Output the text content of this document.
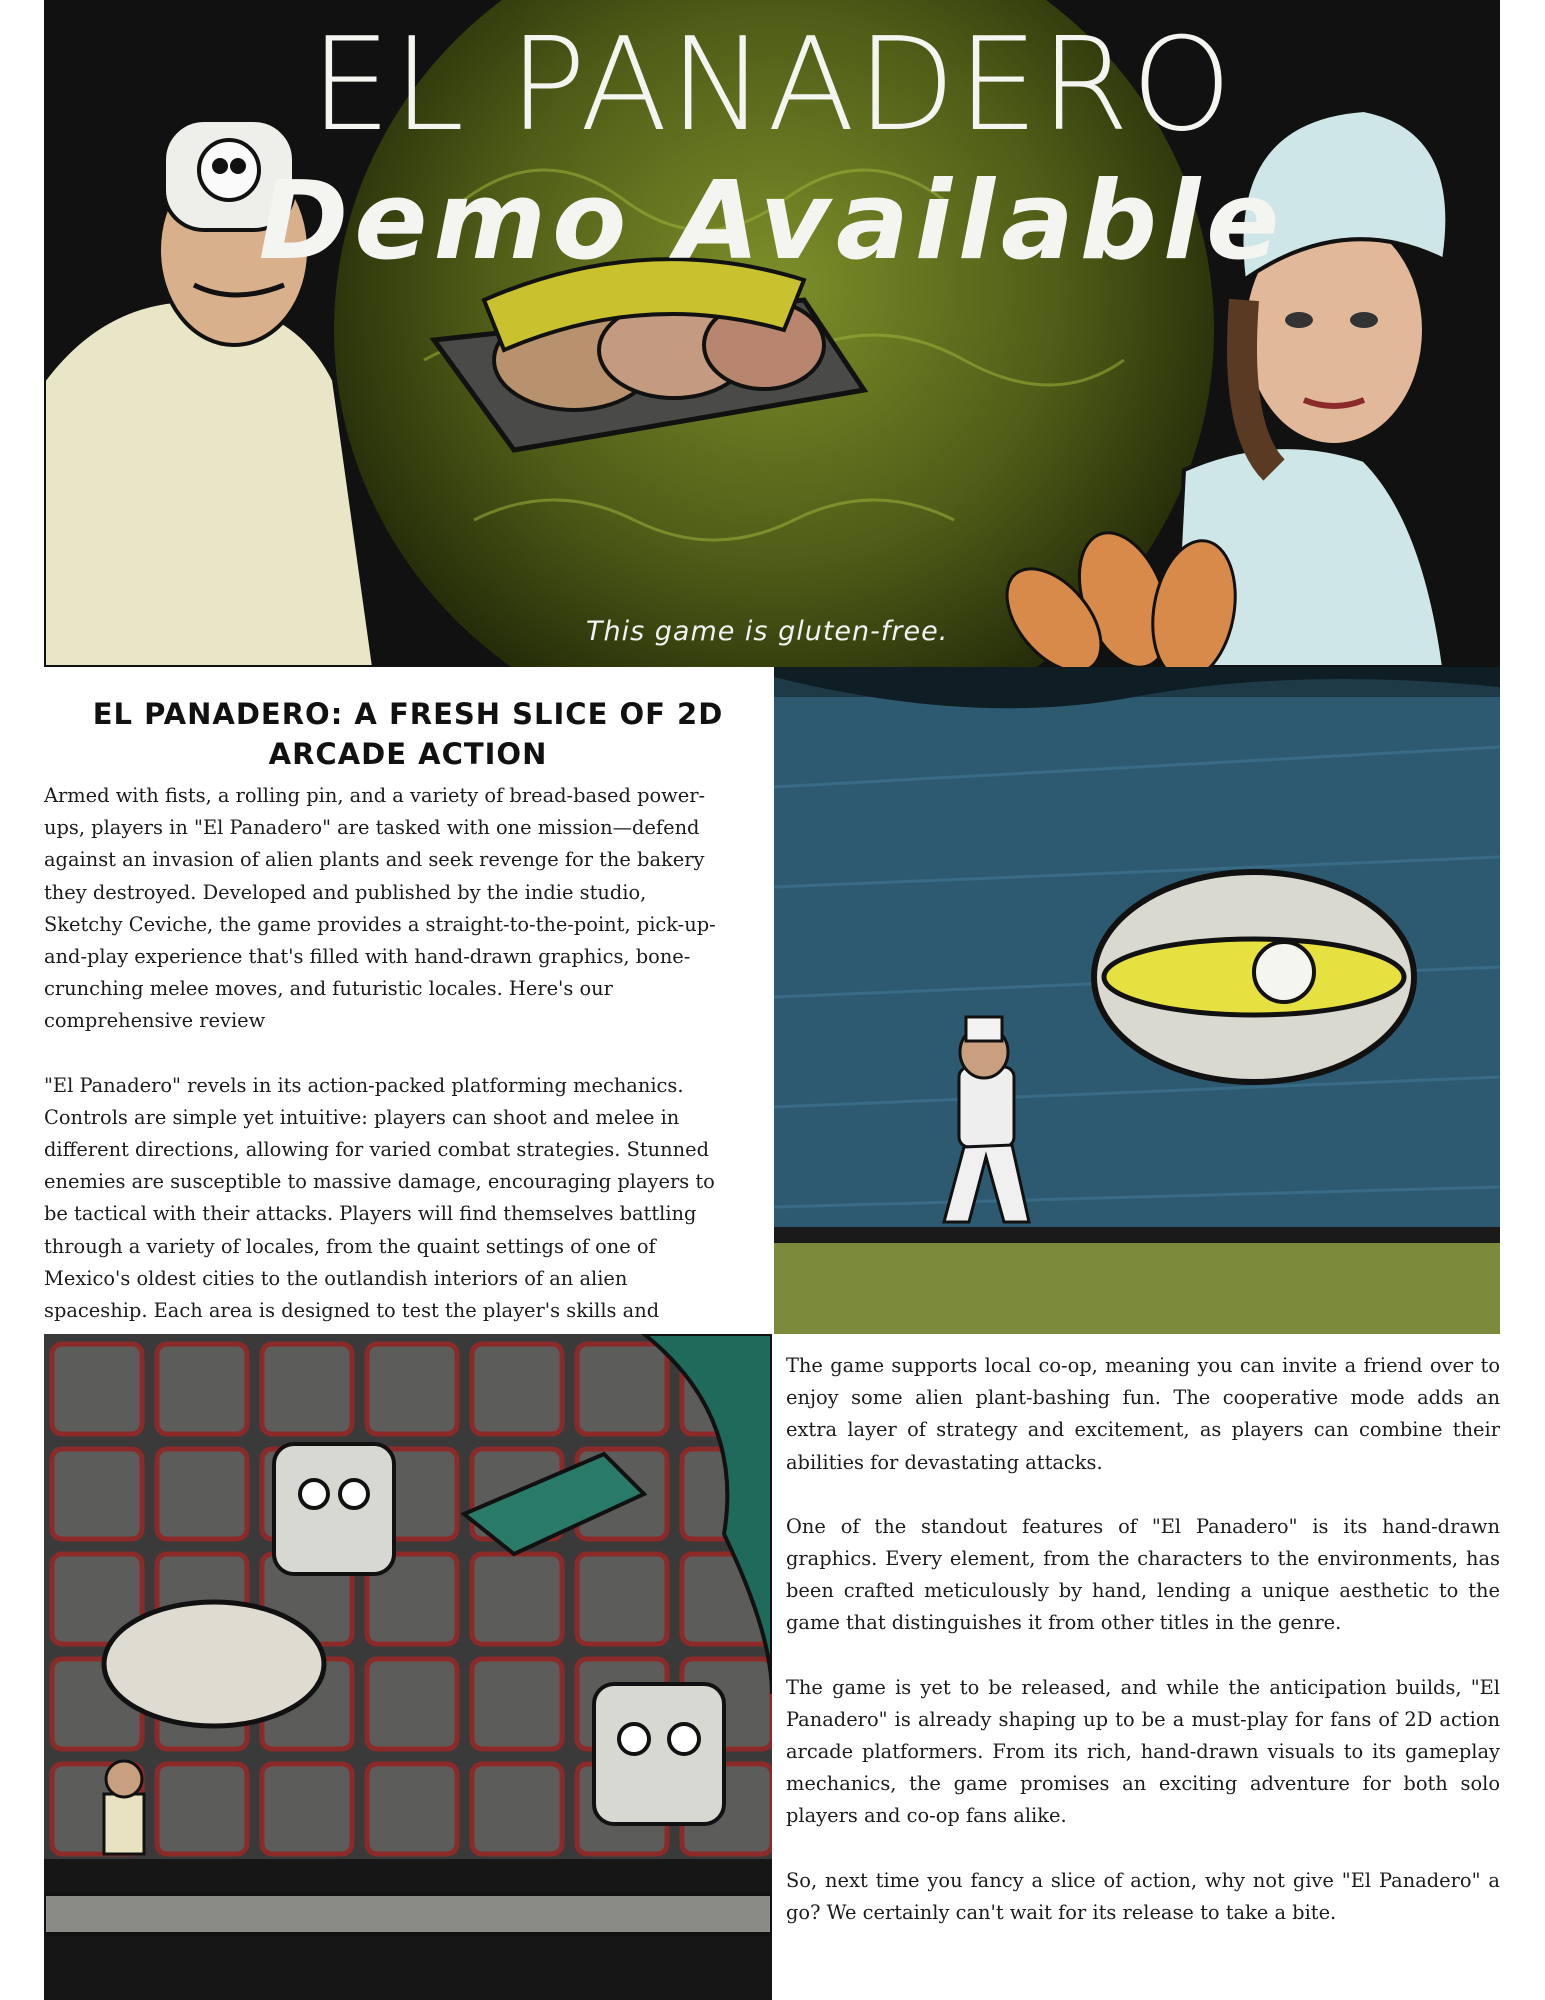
EL PANADERO
Demo Available
This game is gluten-free.
EL PANADERO: A FRESH SLICE OF 2D ARCADE ACTION

Armed with fists, a rolling pin, and a variety of bread-based power-ups, players in "El Panadero" are tasked with one mission—defend against an invasion of alien plants and seek revenge for the bakery they destroyed. Developed and published by the indie studio, Sketchy Ceviche, the game provides a straight-to-the-point, pick-up-and-play experience that's filled with hand-drawn graphics, bone- crunching melee moves, and futuristic locales. Here's our comprehensive review

"El Panadero" revels in its action-packed platforming mechanics. Controls are simple yet intuitive: players can shoot and melee in different directions, allowing for varied combat strategies. Stunned enemies are susceptible to massive damage, encouraging players to be tactical with their attacks. Players will find themselves battling through a variety of locales, from the quaint settings of one of Mexico's oldest cities to the outlandish interiors of an alien spaceship. Each area is designed to test the player's skills and

The game supports local co-op, meaning you can invite a friend over to enjoy some alien plant-bashing fun. The cooperative mode adds an extra layer of strategy and excitement, as players can combine their abilities for devastating attacks.

One of the standout features of "El Panadero" is its hand-drawn graphics. Every element, from the characters to the environments, has been crafted meticulously by hand, lending a unique aesthetic to the game that distinguishes it from other titles in the genre.

The game is yet to be released, and while the anticipation builds, "El Panadero" is already shaping up to be a must-play for fans of 2D action arcade platformers. From its rich, hand-drawn visuals to its gameplay mechanics, the game promises an exciting adventure for both solo players and co-op fans alike.

So, next time you fancy a slice of action, why not give "El Panadero" a go? We certainly can't wait for its release to take a bite.
